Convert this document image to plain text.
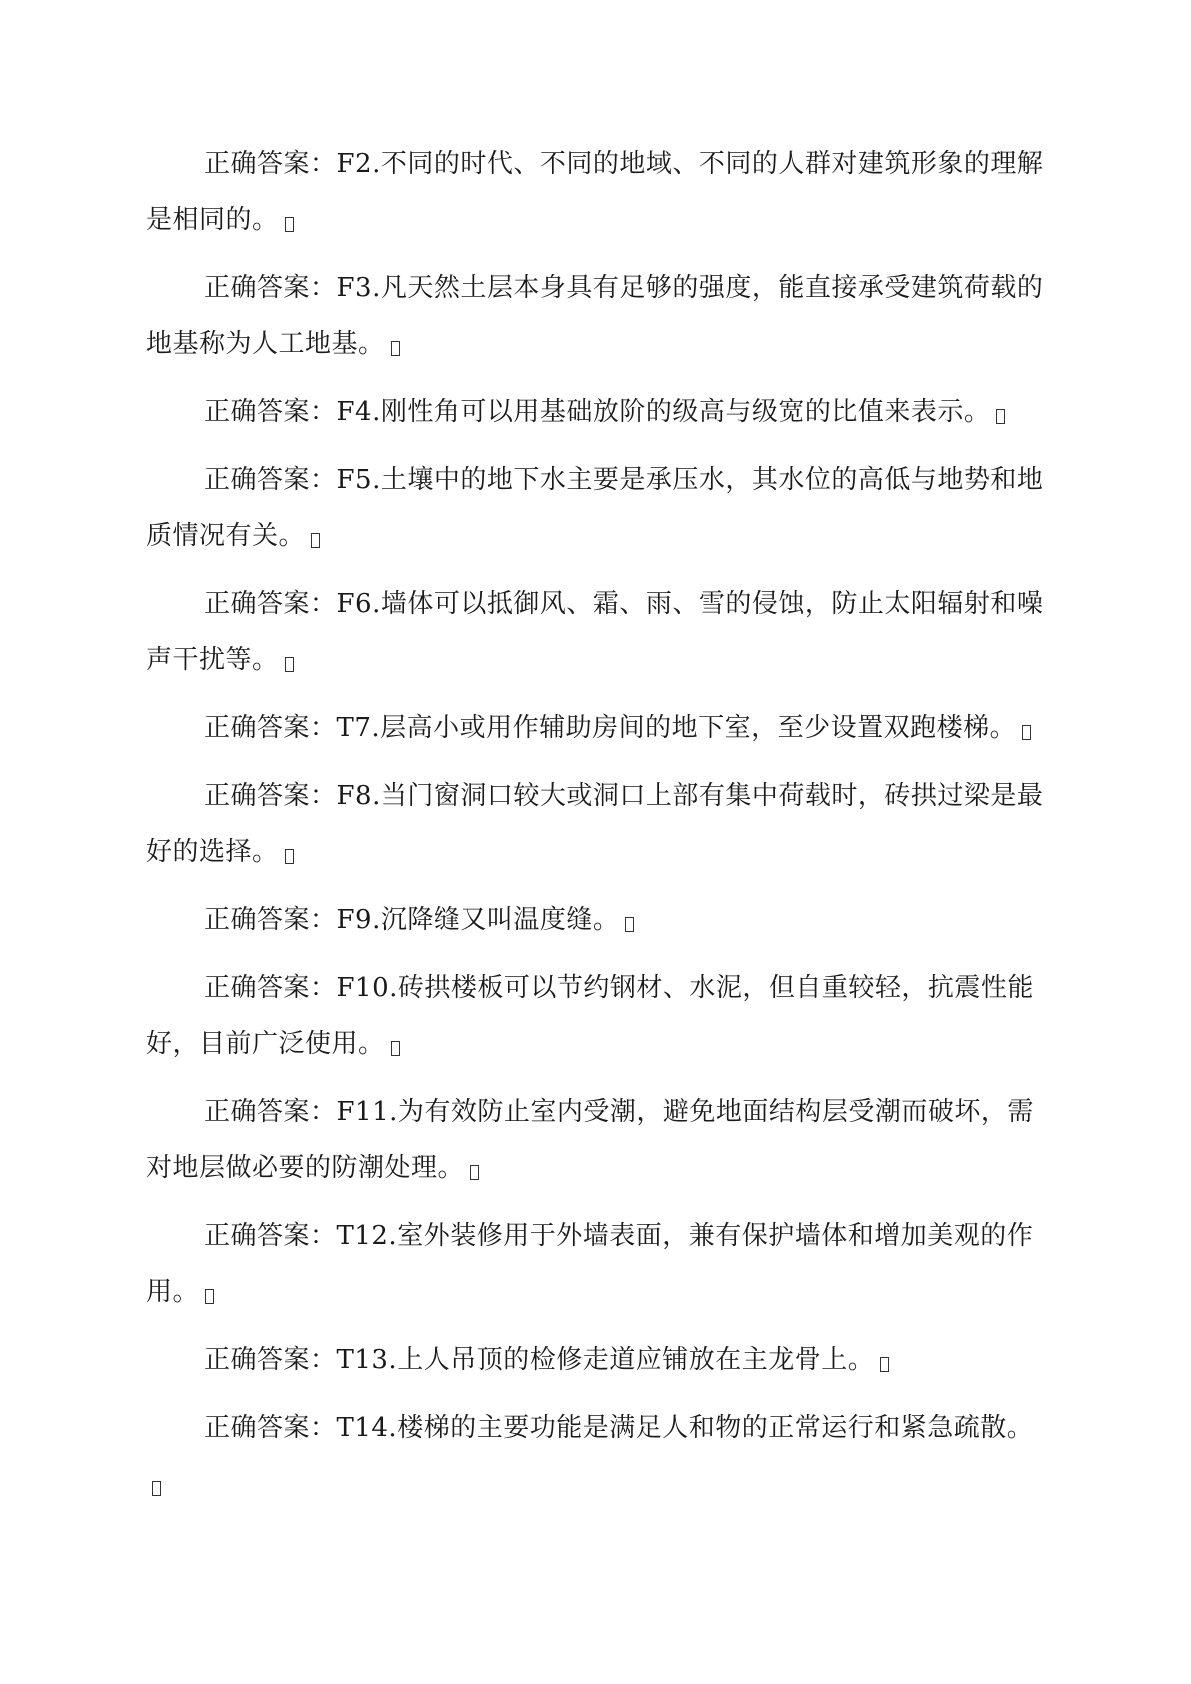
正确答案：F2.不同的时代、不同的地域、不同的人群对建筑形象的理解是相同的。

正确答案：F3.凡天然土层本身具有足够的强度，能直接承受建筑荷载的地基称为人工地基。

正确答案：F4.刚性角可以用基础放阶的级高与级宽的比值来表示。

正确答案：F5.土壤中的地下水主要是承压水，其水位的高低与地势和地质情况有关。

正确答案：F6.墙体可以抵御风、霜、雨、雪的侵蚀，防止太阳辐射和噪声干扰等。

正确答案：T7.层高小或用作辅助房间的地下室，至少设置双跑楼梯。

正确答案：F8.当门窗洞口较大或洞口上部有集中荷载时，砖拱过梁是最好的选择。

正确答案：F9.沉降缝又叫温度缝。

正确答案：F10.砖拱楼板可以节约钢材、水泥，但自重较轻，抗震性能好，目前广泛使用。

正确答案：F11.为有效防止室内受潮，避免地面结构层受潮而破坏，需对地层做必要的防潮处理。

正确答案：T12.室外装修用于外墙表面，兼有保护墙体和增加美观的作用。

正确答案：T13.上人吊顶的检修走道应铺放在主龙骨上。

正确答案：T14.楼梯的主要功能是满足人和物的正常运行和紧急疏散。
